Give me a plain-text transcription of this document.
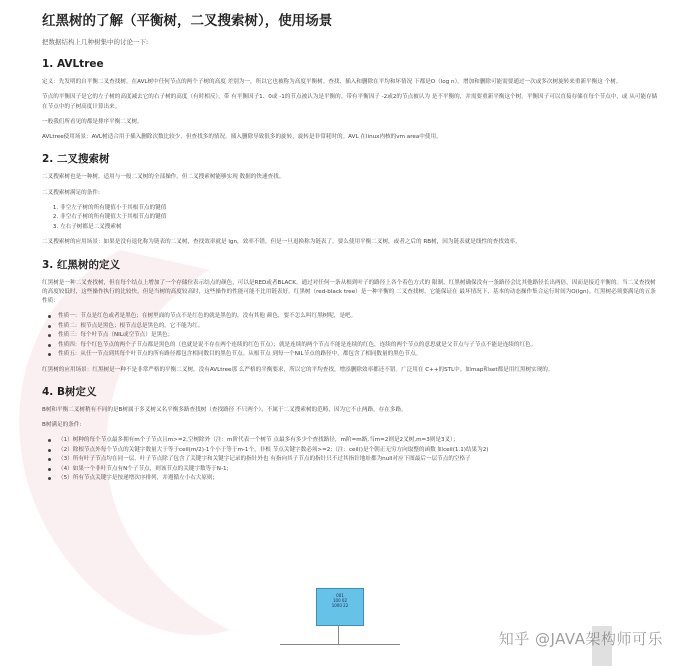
红黑树的了解（平衡树，二叉搜索树），使用场景
把数据结构上几种树集中的讨论一下:
1. AVLtree

定义：先发明的自平衡二叉查找树。在AVL树中任何节点的两个子树的高度 差别为一，所以它也被称为高度平衡树。查找、插入和删除在平均和坏情况 下都是O（log n）。增加和删除可能需要通过一次或多次树旋转来重新平衡这 个树。

节点的平衡因子是它的左子树的高度减去它的右子树的高度（有时相反）。带 有平衡因子1、0或 -1的节点被认为是平衡的。带有平衡因子 -2或2的节点被认为 是不平衡的，并需要重新平衡这个树。平衡因子可以直接存储在每个节点中，或 从可能存储在节点中的子树高度计算出来。

一般我们所看见的都是排序平衡二叉树。

AVLtree使用场景：AVL树适合用于插入删除次数比较少，但查找多的情况。插入删除导致很多的旋转，旋转是非常耗时的。AVL 在linux内核的vm area中使用。

2. 二叉搜索树

二叉搜索树也是一种树，适用与一般二叉树的全部操作，但二叉搜索树能够实现 数据的快速查找。

二叉搜索树满足的条件:

1. 非空左子树的所有键值小于其根节点的键值
2. 非空右子树的所有键值大于其根节点的键值
3. 左右子树都是二叉搜索树

二叉搜索树的应用场景：如果是没有退化称为链表的二叉树，查找效率就是 lgn，效率不错，但是一旦退换称为链表了，要么使用平衡二叉树，或者之后的 RB树，因为链表就是线性的查找效率。

3. 红黑树的定义

红黑树是一种二叉查找树，但在每个结点上增加了一个存储位表示结点的颜色，可以是RED或者BLACK。通过对任何一条从根到叶子的路径上各个着色方式的 限制，红黑树确保没有一条路径会比其他路径长出两倍，因而是接近平衡的。当二叉查找树的高度较低时，这些操作执行的比较快，但是当树的高度较高时，这些操作的性能可能不比用链表好。红黑树（red-black tree）是一种平衡的 二叉查找树，它能保证在 最坏情况下，基本的动态操作集合运行时间为O(lgn)。红黑树必须要满足的五条性质：

性质一：节点是红色或者是黑色；在树里面的节点不是红色的就是黑色的，没有其他 颜色，要不怎么叫红黑树呢，是吧。
性质二：根节点是黑色；根节点总是黑色的。它不能为红。
性质三：每个叶节点（NIL或空节点）是黑色；
性质四：每个红色节点的两个子节点都是黑色的（也就是说不存在两个连续的红色节点）；就是连续的两个节点不能是连续的红色，连续的两个节点的意思就是父节点与子节点不能是连续的红色。
性质五：从任一节点到其每个叶节点的所有路径都包含相同数目的黑色节点。从根节点 到每一个NIL节点的路径中，都包含了相同数量的黑色节点。

红黑树的应用场景：红黑树是一种不是非常严格的平衡二叉树，没有AVLtree那 么严格的平衡要求，所以它的平均查找，增添删除效率都还不错。广泛用在 C++的STL中。如map和set都是用红黑树实现的。

4. B树定义

B树和平衡二叉树稍有不同的是B树属于多叉树又名平衡多路查找树（查找路径 不只两个），不属于二叉搜索树的范畴，因为它不止两路，存在多路。

B树满足的条件:

（1）树种的每个节点最多拥有m个子节点且m>=2,空树除外（注：m阶代表一个树节 点最多有多少个查找路径，m阶=m路,当m=2则是2叉树,m=3则是3叉）；
（2）除根节点外每个节点的关键字数量大于等于ceil(m/2)-1个小于等于m-1个，非根 节点关键字数必须>=2;（注：ceil()是个朝正无穷方向取整的函数 如ceil(1.1)结果为2)
（3）所有叶子节点均在同一层、叶子节点除了包含了关键字和关键字记录的指针外也 有指向其子节点的指针只不过其指针地址都为null对应下图最后一层节点的空格子
（4）如果一个非叶节点有N个子节点，则该节点的关键字数等于N-1;
（5）所有节点关键字是按递增次序排列，并遵循左小右大原则;
001
100 02
1000 22
知乎 @JAVA架构师可乐
